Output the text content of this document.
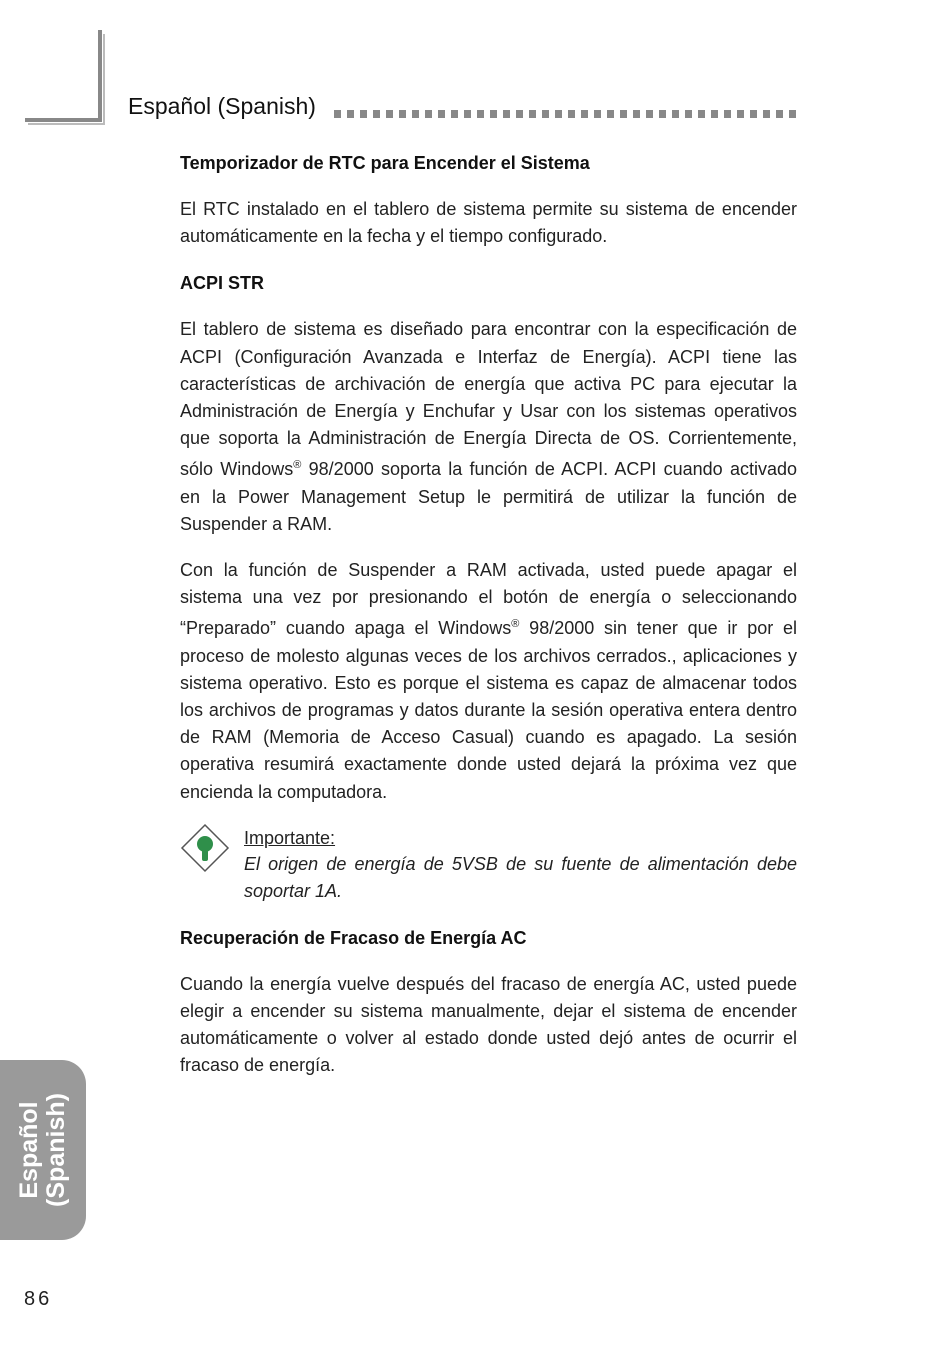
Español (Spanish)
Temporizador de RTC para Encender el Sistema

El RTC instalado en el tablero de sistema permite su sistema de encender automáticamente en la fecha y el tiempo configurado.

ACPI STR

El tablero de sistema es diseñado para encontrar con la especificación de ACPI (Configuración Avanzada e Interfaz de Energía). ACPI tiene las características de archivación de energía que activa PC para ejecutar la Administración de Energía y Enchufar y Usar con los sistemas operativos que soporta la Administración de Energía Directa de OS. Corrientemente, sólo Windows® 98/2000 soporta la función de ACPI. ACPI cuando activado en la Power Management Setup le permitirá de utilizar la función de Suspender a RAM.

Con la función de Suspender a RAM activada, usted puede apagar el sistema una vez por presionando el botón de energía o seleccionando “Preparado” cuando apaga el Windows® 98/2000 sin tener que ir por el proceso de molesto algunas veces de los archivos cerrados., aplicaciones y sistema operativo. Esto es porque el sistema es capaz de almacenar todos los archivos de programas y datos durante la sesión operativa entera dentro de RAM (Memoria de Acceso Casual) cuando es apagado. La sesión operativa resumirá exactamente donde usted dejará la próxima vez que encienda la computadora.

Importante:

El origen de energía de 5VSB de su fuente de alimentación debe soportar 1A.

Recuperación de Fracaso de Energía AC

Cuando la energía vuelve después del fracaso de energía AC, usted puede elegir a encender su sistema manualmente, dejar el sistema de encender automáticamente o volver al estado donde usted dejó antes de ocurrir el fracaso de energía.

Español (Spanish)
86
